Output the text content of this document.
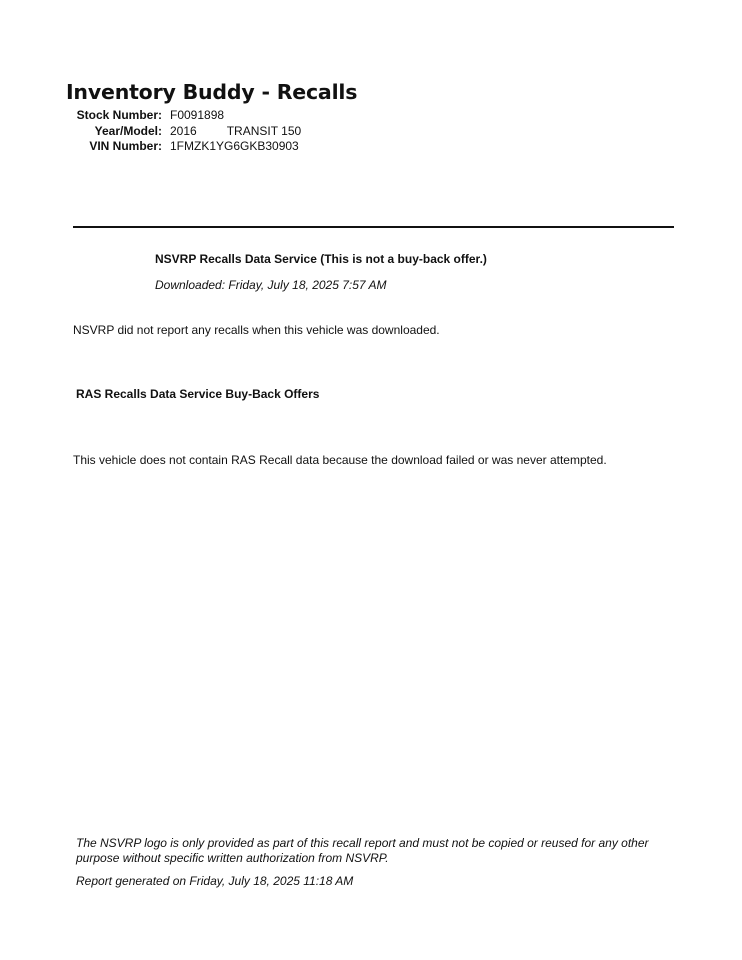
Inventory Buddy - Recalls
Stock Number: F0091898
Year/Model: 2016	TRANSIT 150
VIN Number: 1FMZK1YG6GKB30903
NSVRP Recalls Data Service (This is not a buy-back offer.)
Downloaded: Friday, July 18, 2025 7:57 AM
NSVRP did not report any recalls when this vehicle was downloaded.
RAS Recalls Data Service Buy-Back Offers
This vehicle does not contain RAS Recall data because the download failed or was never attempted.
The NSVRP logo is only provided as part of this recall report and must not be copied or reused for any other purpose without specific written authorization from NSVRP.
Report generated on Friday, July 18, 2025 11:18 AM
